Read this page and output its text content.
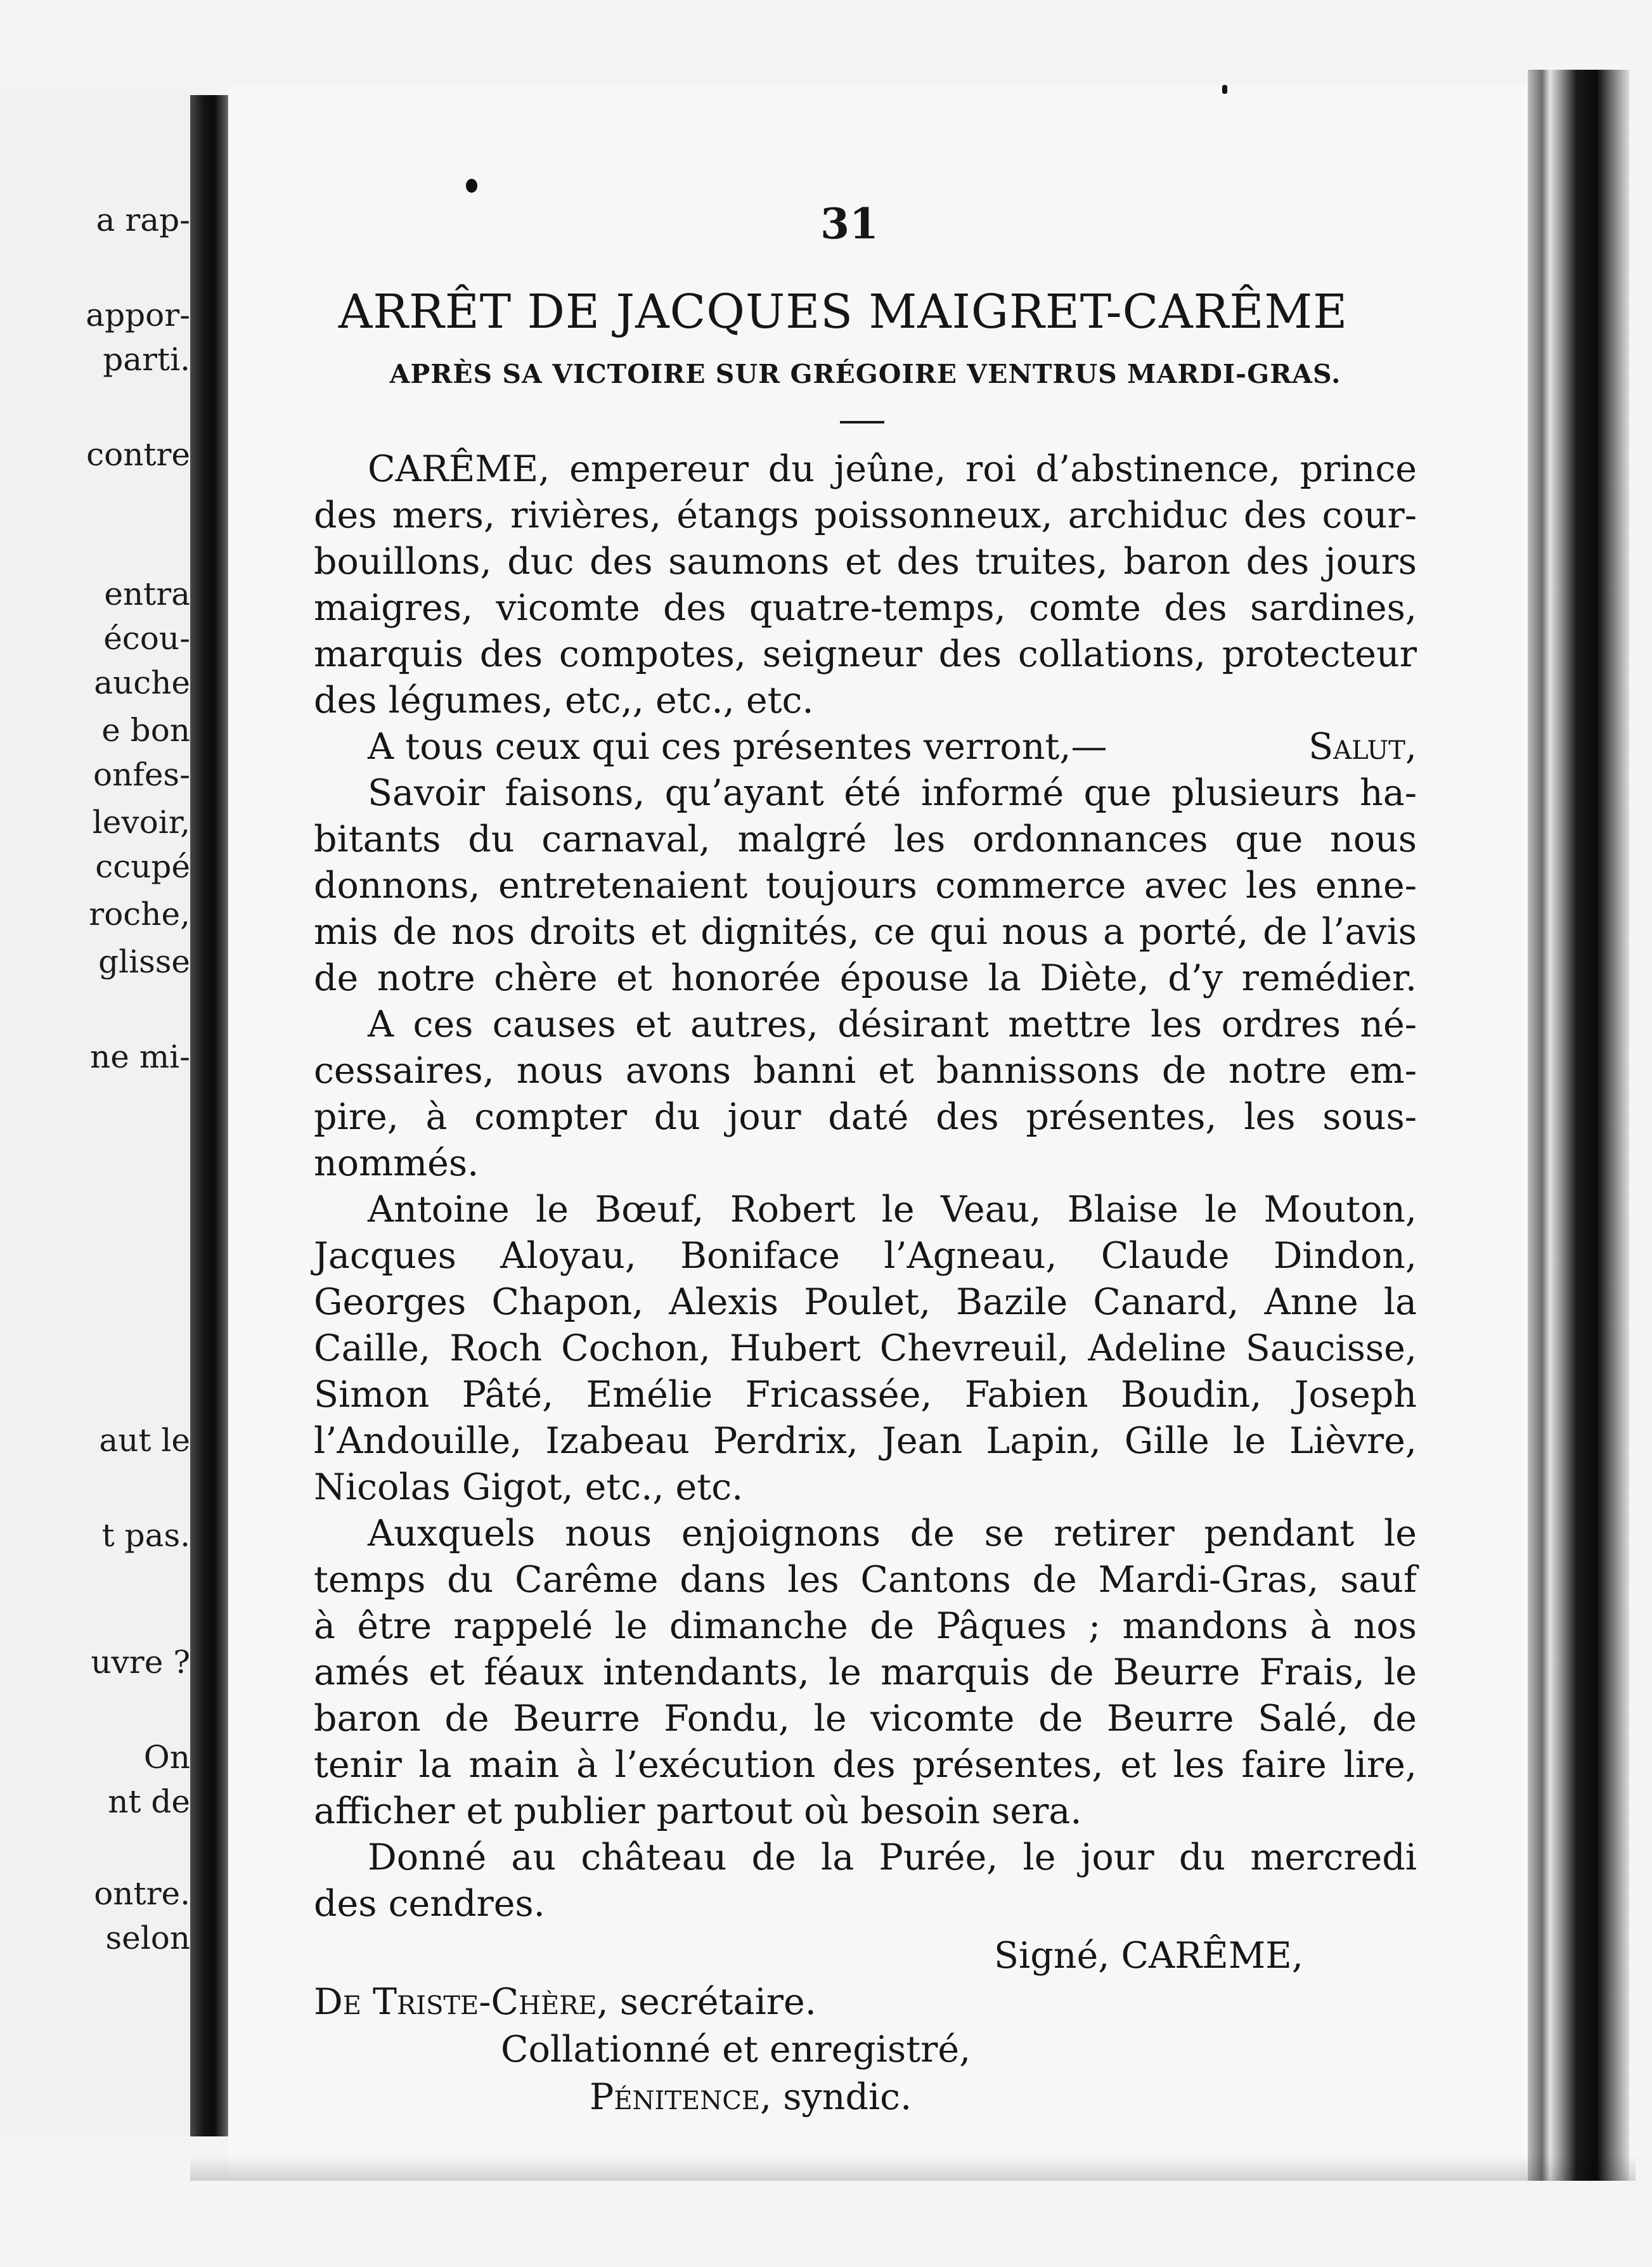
a rap-
appor-
parti.
contre
entra
écou-
auche
e bon
onfes-
levoir,
ccupé
roche,
glisse
ne mi-
aut le
t pas.
uvre ?
On
nt de
ontre.
selon
31
ARRÊT DE JACQUES MAIGRET-CARÊME
APRÈS SA VICTOIRE SUR GRÉGOIRE VENTRUS MARDI-GRAS.
CARÊME, empereur du jeûne, roi d’abstinence, prince
des mers, rivières, étangs poissonneux, archiduc des cour-
bouillons, duc des saumons et des truites, baron des jours
maigres, vicomte des quatre-temps, comte des sardines,
marquis des compotes, seigneur des collations, protecteur
des légumes, etc,, etc., etc.
A tous ceux qui ces présentes verront,—	Salut,
Savoir faisons, qu’ayant été informé que plusieurs ha-
bitants du carnaval, malgré les ordonnances que nous
donnons, entretenaient toujours commerce avec les enne-
mis de nos droits et dignités, ce qui nous a porté, de l’avis
de notre chère et honorée épouse la Diète, d’y remédier.
A ces causes et autres, désirant mettre les ordres né-
cessaires, nous avons banni et bannissons de notre em-
pire, à compter du jour daté des présentes, les sous-
nommés.
Antoine le Bœuf, Robert le Veau, Blaise le Mouton,
Jacques Aloyau, Boniface l’Agneau, Claude Dindon,
Georges Chapon, Alexis Poulet, Bazile Canard, Anne la
Caille, Roch Cochon, Hubert Chevreuil, Adeline Saucisse,
Simon Pâté, Emélie Fricassée, Fabien Boudin, Joseph
l’Andouille, Izabeau Perdrix, Jean Lapin, Gille le Lièvre,
Nicolas Gigot, etc., etc.
Auxquels nous enjoignons de se retirer pendant le
temps du Carême dans les Cantons de Mardi-Gras, sauf
à être rappelé le dimanche de Pâques ; mandons à nos
amés et féaux intendants, le marquis de Beurre Frais, le
baron de Beurre Fondu, le vicomte de Beurre Salé, de
tenir la main à l’exécution des présentes, et les faire lire,
afficher et publier partout où besoin sera.
Donné au château de la Purée, le jour du mercredi
des cendres.
Signé, CARÊME,
De Triste-Chère, secrétaire.
Collationné et enregistré,
Pénitence, syndic.
